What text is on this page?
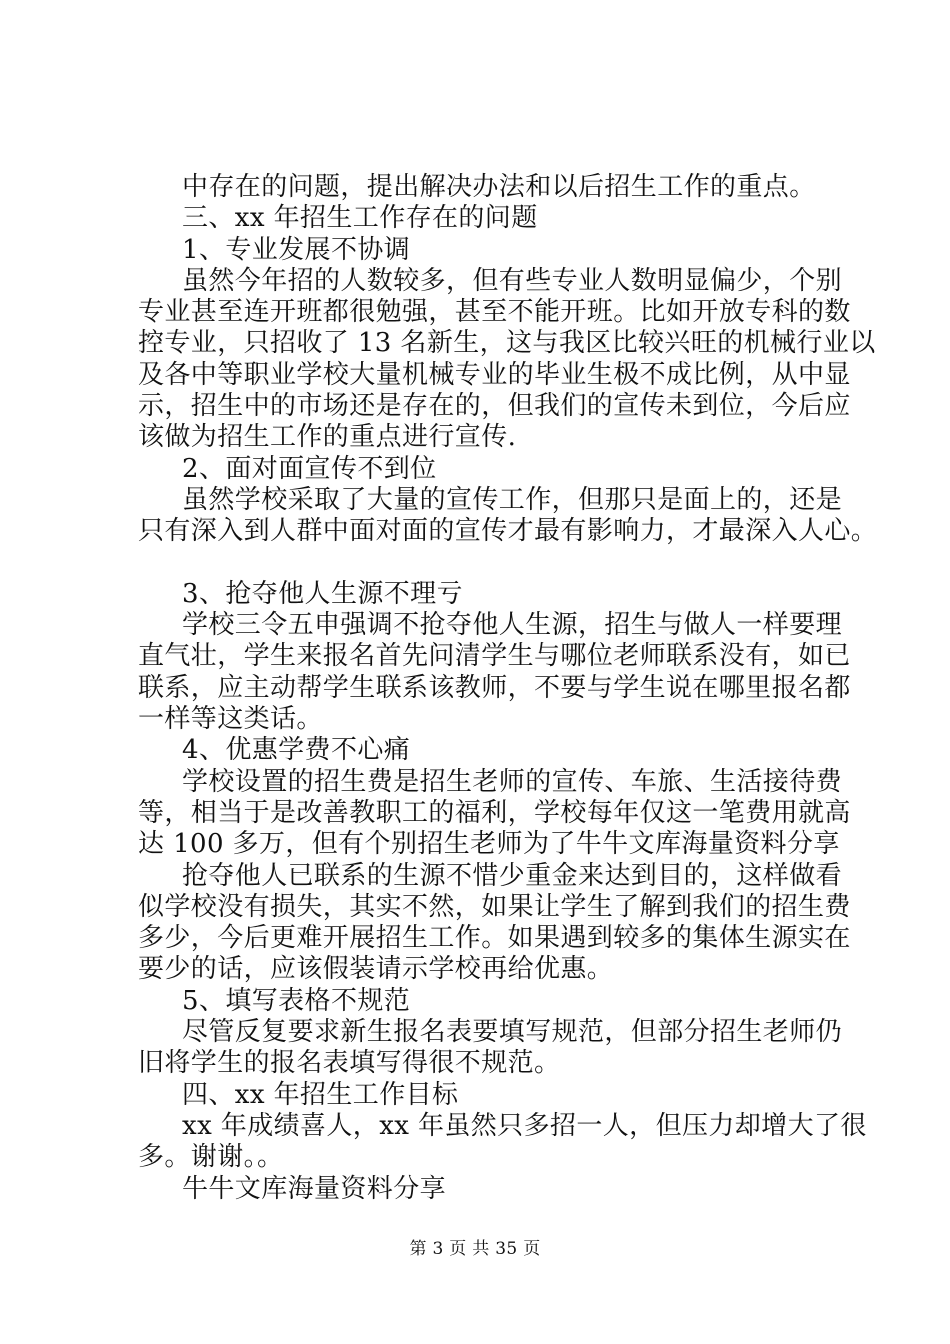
中存在的问题，提出解决办法和以后招生工作的重点。
三、xx 年招生工作存在的问题
1、专业发展不协调
虽然今年招的人数较多，但有些专业人数明显偏少，个别
专业甚至连开班都很勉强，甚至不能开班。比如开放专科的数
控专业，只招收了 13 名新生，这与我区比较兴旺的机械行业以
及各中等职业学校大量机械专业的毕业生极不成比例，从中显
示，招生中的市场还是存在的，但我们的宣传未到位，今后应
该做为招生工作的重点进行宣传.
2、面对面宣传不到位
虽然学校采取了大量的宣传工作，但那只是面上的，还是
只有深入到人群中面对面的宣传才最有影响力，才最深入人心。
3、抢夺他人生源不理亏
学校三令五申强调不抢夺他人生源，招生与做人一样要理
直气壮，学生来报名首先问清学生与哪位老师联系没有，如已
联系，应主动帮学生联系该教师，不要与学生说在哪里报名都
一样等这类话。
4、优惠学费不心痛
学校设置的招生费是招生老师的宣传、车旅、生活接待费
等，相当于是改善教职工的福利，学校每年仅这一笔费用就高
达 100 多万，但有个别招生老师为了牛牛文库海量资料分享
抢夺他人已联系的生源不惜少重金来达到目的，这样做看
似学校没有损失，其实不然，如果让学生了解到我们的招生费
多少，今后更难开展招生工作。如果遇到较多的集体生源实在
要少的话，应该假装请示学校再给优惠。
5、填写表格不规范
尽管反复要求新生报名表要填写规范，但部分招生老师仍
旧将学生的报名表填写得很不规范。
四、xx 年招生工作目标
xx 年成绩喜人，xx 年虽然只多招一人，但压力却增大了很
多。谢谢。。
牛牛文库海量资料分享
第 3 页 共 35 页
